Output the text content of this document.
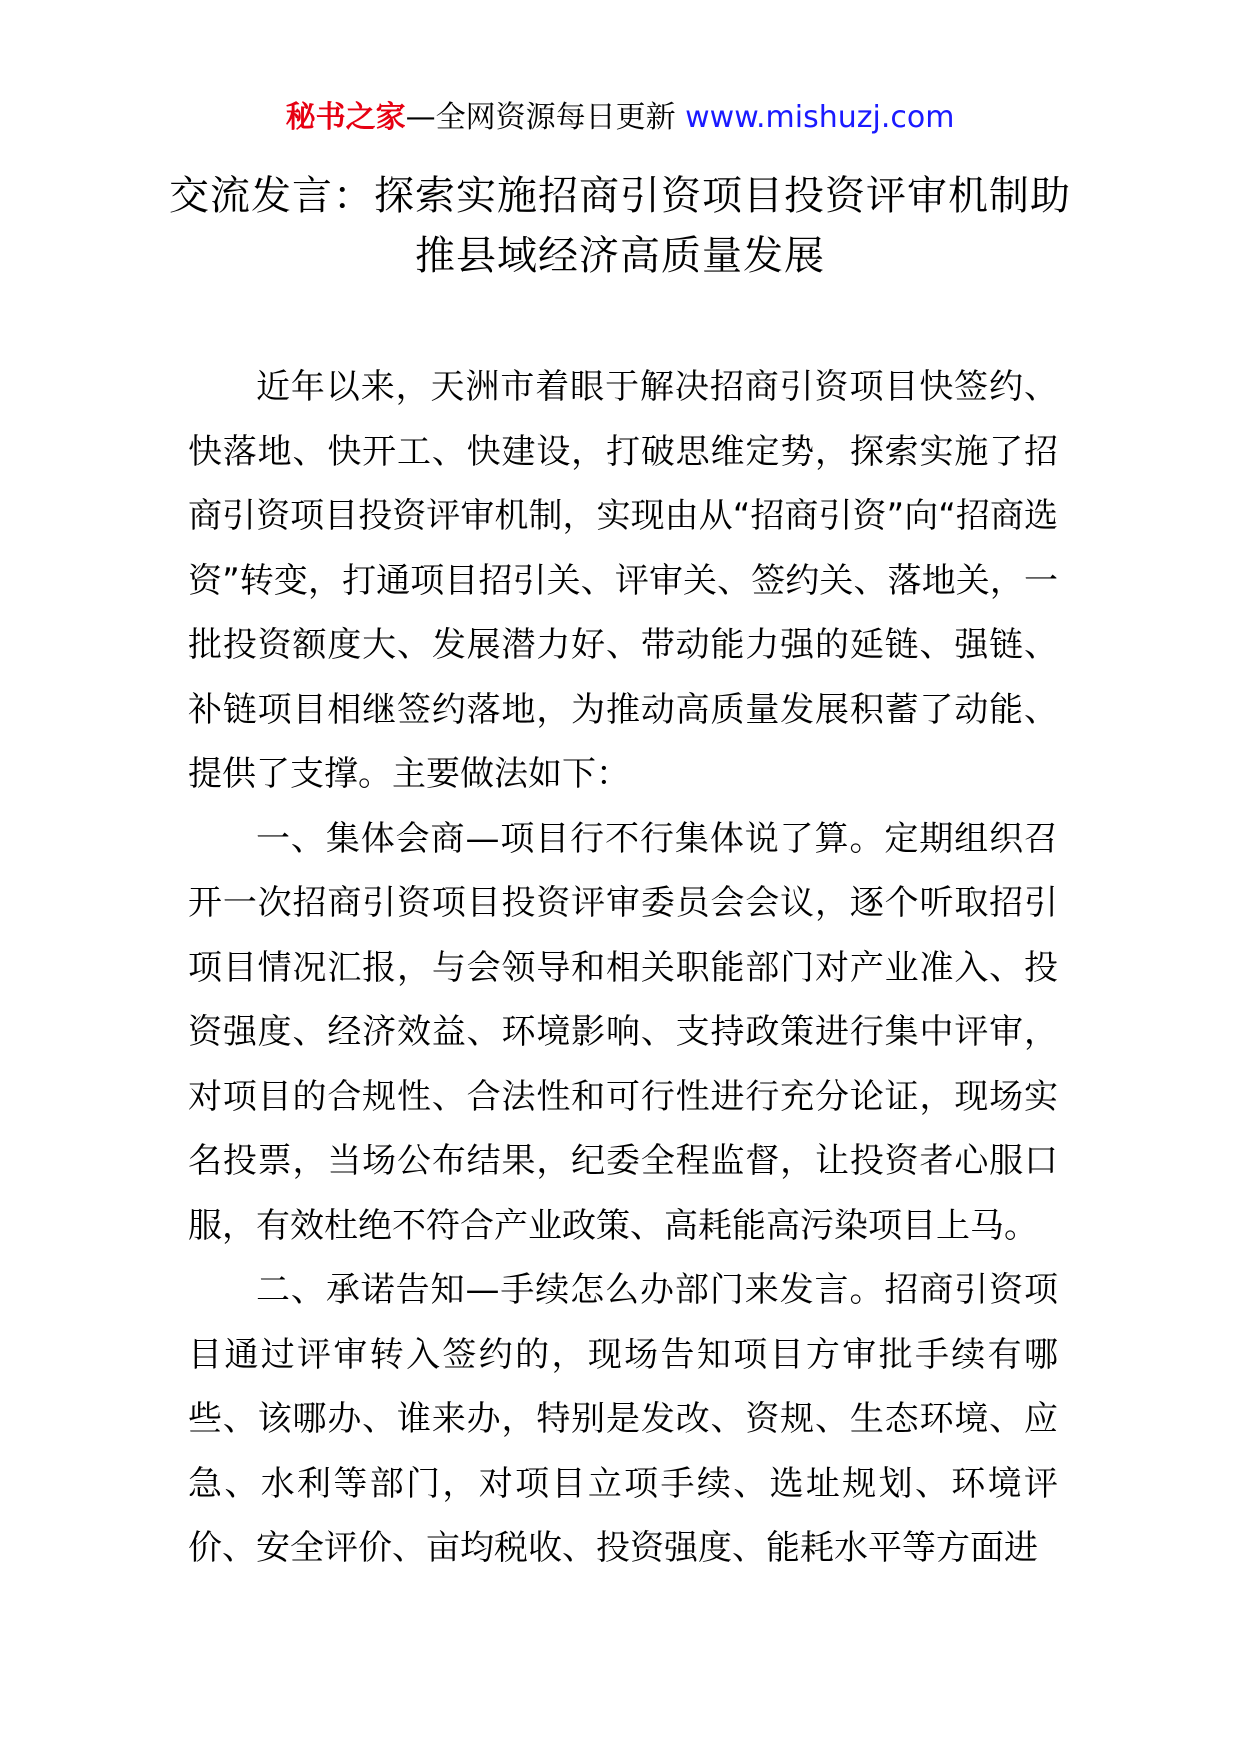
秘书之家—全网资源每日更新 www.mishuzj.com
交流发言：探索实施招商引资项目投资评审机制助推县域经济高质量发展

近年以来，天洲市着眼于解决招商引资项目快签约、快落地、快开工、快建设，打破思维定势，探索实施了招商引资项目投资评审机制，实现由从“招商引资”向“招商选资”转变，打通项目招引关、评审关、签约关、落地关，一批投资额度大、发展潜力好、带动能力强的延链、强链、补链项目相继签约落地，为推动高质量发展积蓄了动能、提供了支撑。主要做法如下：

一、集体会商—项目行不行集体说了算。定期组织召开一次招商引资项目投资评审委员会会议，逐个听取招引项目情况汇报，与会领导和相关职能部门对产业准入、投资强度、经济效益、环境影响、支持政策进行集中评审，对项目的合规性、合法性和可行性进行充分论证，现场实名投票，当场公布结果，纪委全程监督，让投资者心服口服，有效杜绝不符合产业政策、高耗能高污染项目上马。

二、承诺告知—手续怎么办部门来发言。招商引资项目通过评审转入签约的，现场告知项目方审批手续有哪些、该哪办、谁来办，特别是发改、资规、生态环境、应急、水利等部门，对项目立项手续、选址规划、环境评价、安全评价、亩均税收、投资强度、能耗水平等方面进
